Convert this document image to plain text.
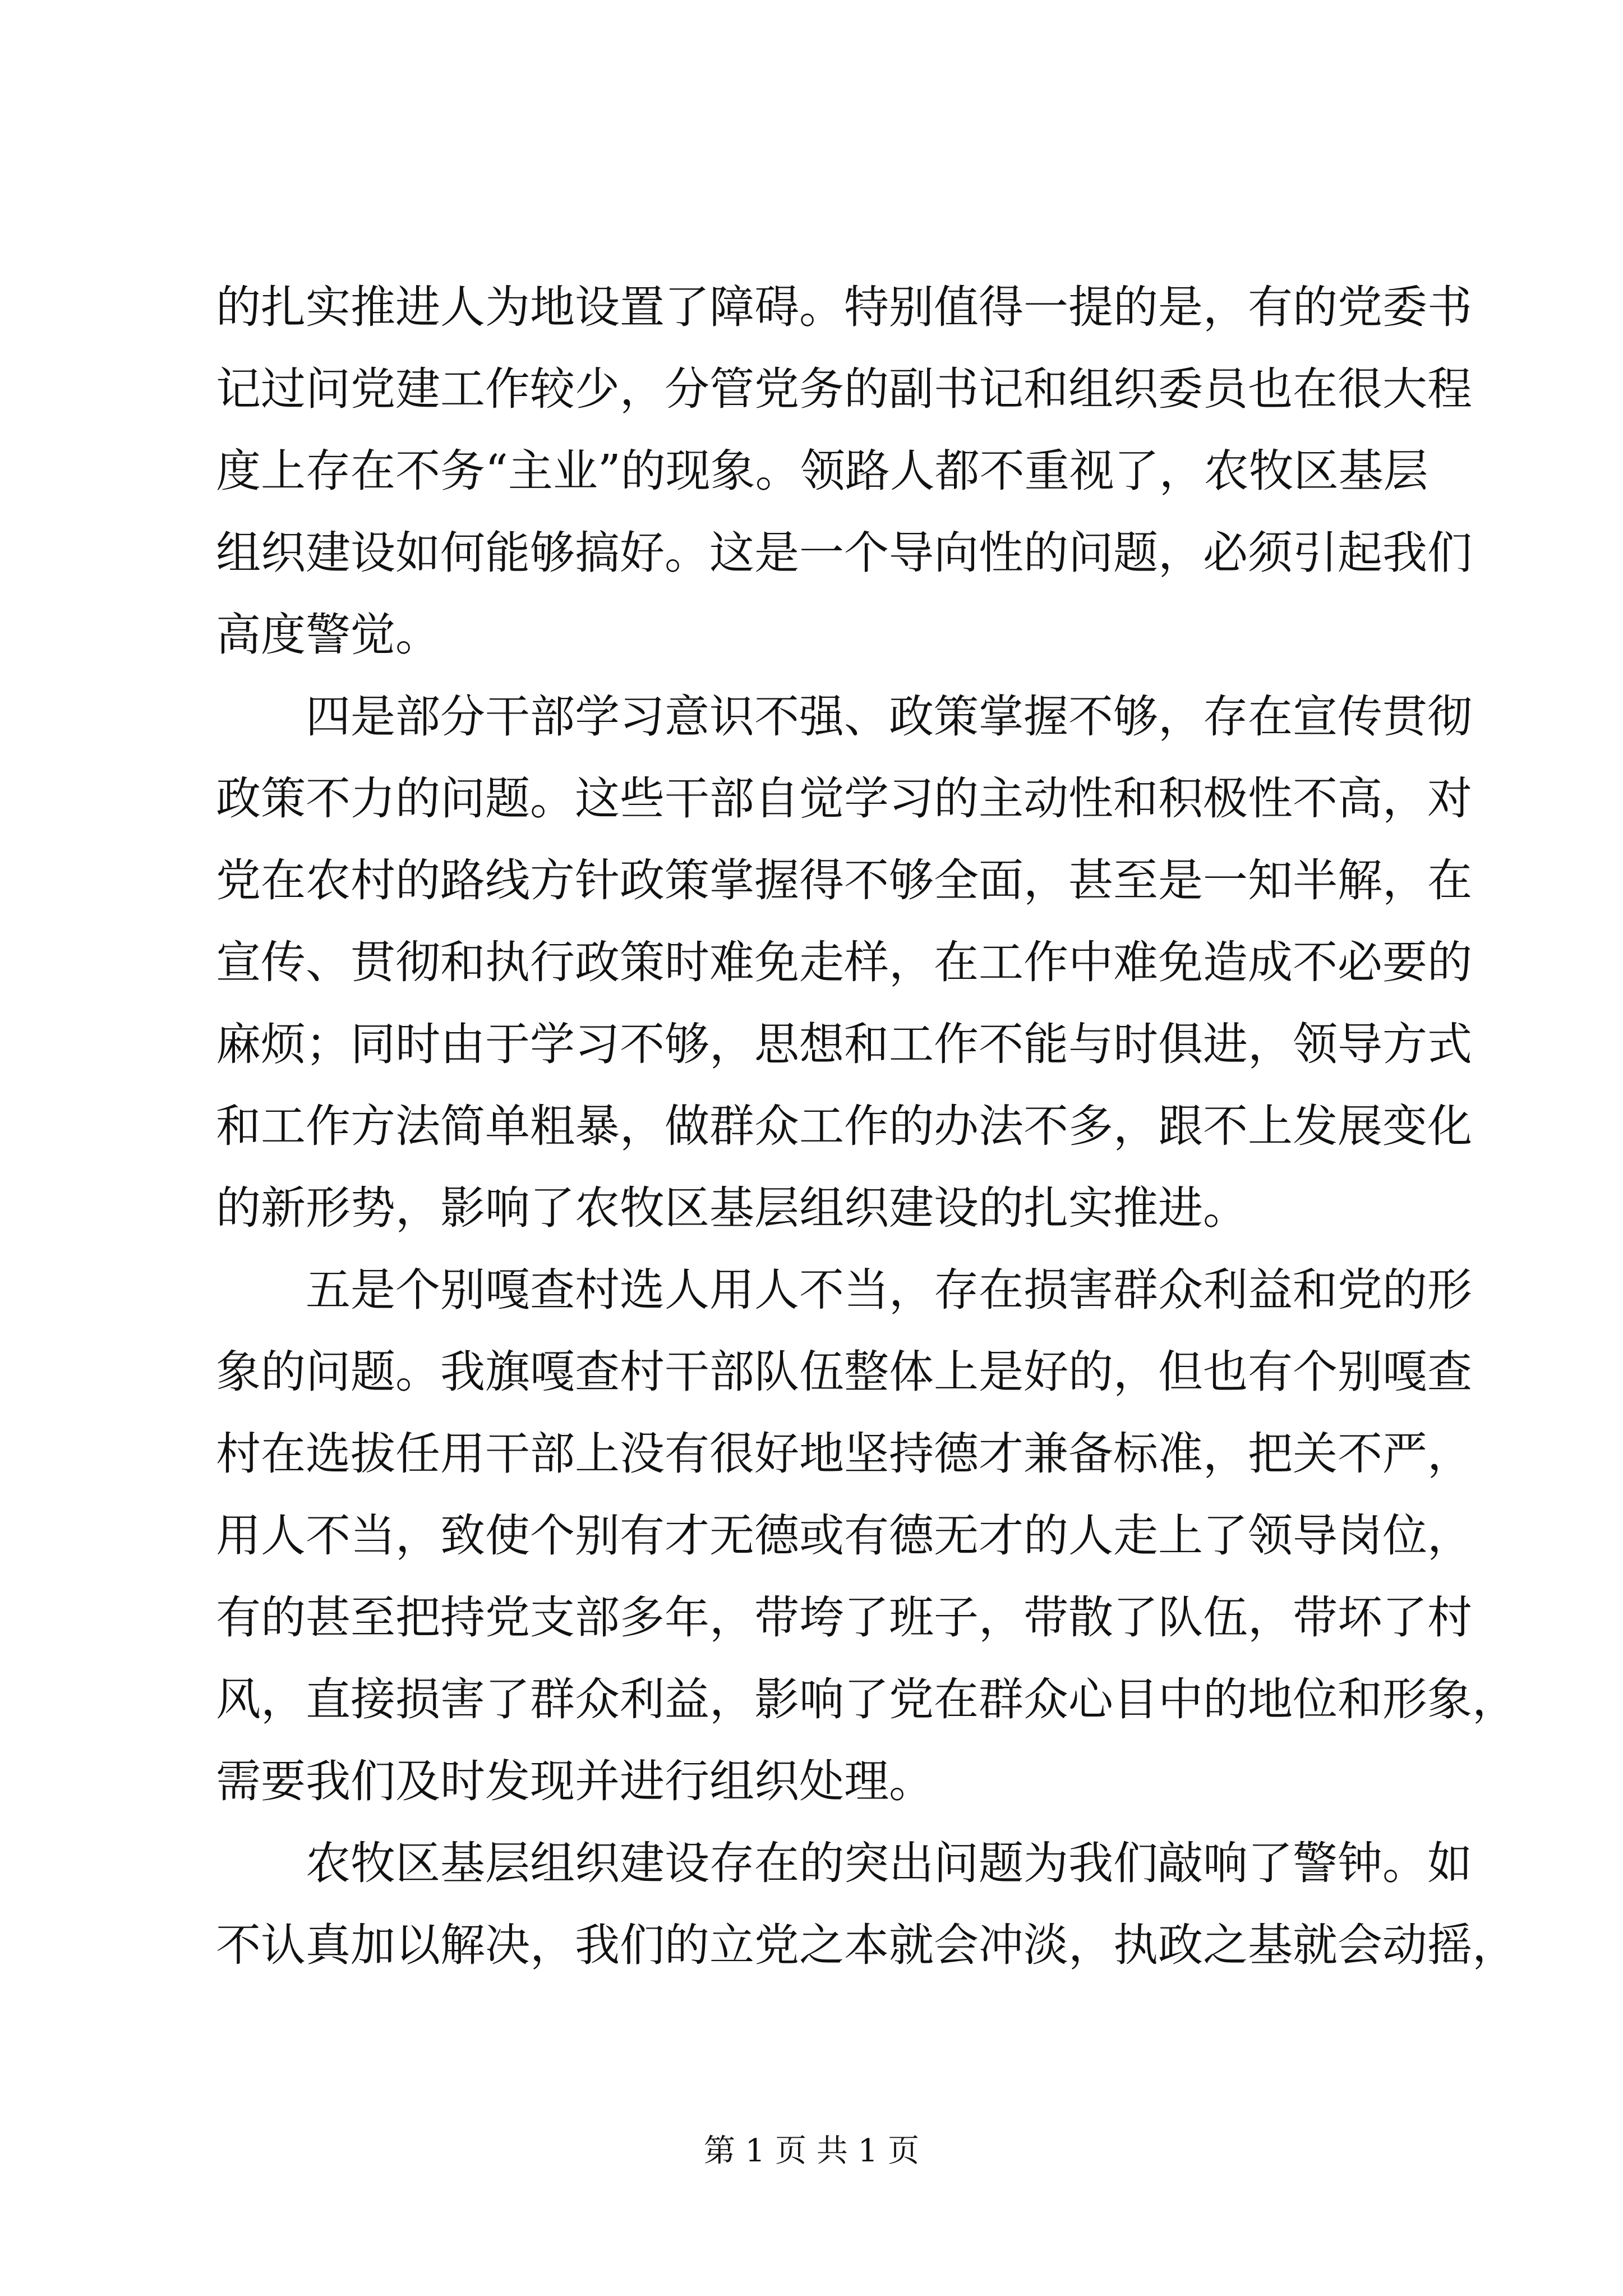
的扎实推进人为地设置了障碍。特别值得一提的是，有的党委书
记过问党建工作较少，分管党务的副书记和组织委员也在很大程
度上存在不务“主业”的现象。领路人都不重视了，农牧区基层
组织建设如何能够搞好。这是一个导向性的问题，必须引起我们
高度警觉。
四是部分干部学习意识不强、政策掌握不够，存在宣传贯彻
政策不力的问题。这些干部自觉学习的主动性和积极性不高，对
党在农村的路线方针政策掌握得不够全面，甚至是一知半解，在
宣传、贯彻和执行政策时难免走样，在工作中难免造成不必要的
麻烦；同时由于学习不够，思想和工作不能与时俱进，领导方式
和工作方法简单粗暴，做群众工作的办法不多，跟不上发展变化
的新形势，影响了农牧区基层组织建设的扎实推进。
五是个别嘎查村选人用人不当，存在损害群众利益和党的形
象的问题。我旗嘎查村干部队伍整体上是好的，但也有个别嘎查
村在选拔任用干部上没有很好地坚持德才兼备标准，把关不严，
用人不当，致使个别有才无德或有德无才的人走上了领导岗位，
有的甚至把持党支部多年，带垮了班子，带散了队伍，带坏了村
风，直接损害了群众利益，影响了党在群众心目中的地位和形象，
需要我们及时发现并进行组织处理。
农牧区基层组织建设存在的突出问题为我们敲响了警钟。如
不认真加以解决，我们的立党之本就会冲淡，执政之基就会动摇，
第 1 页 共 1 页
